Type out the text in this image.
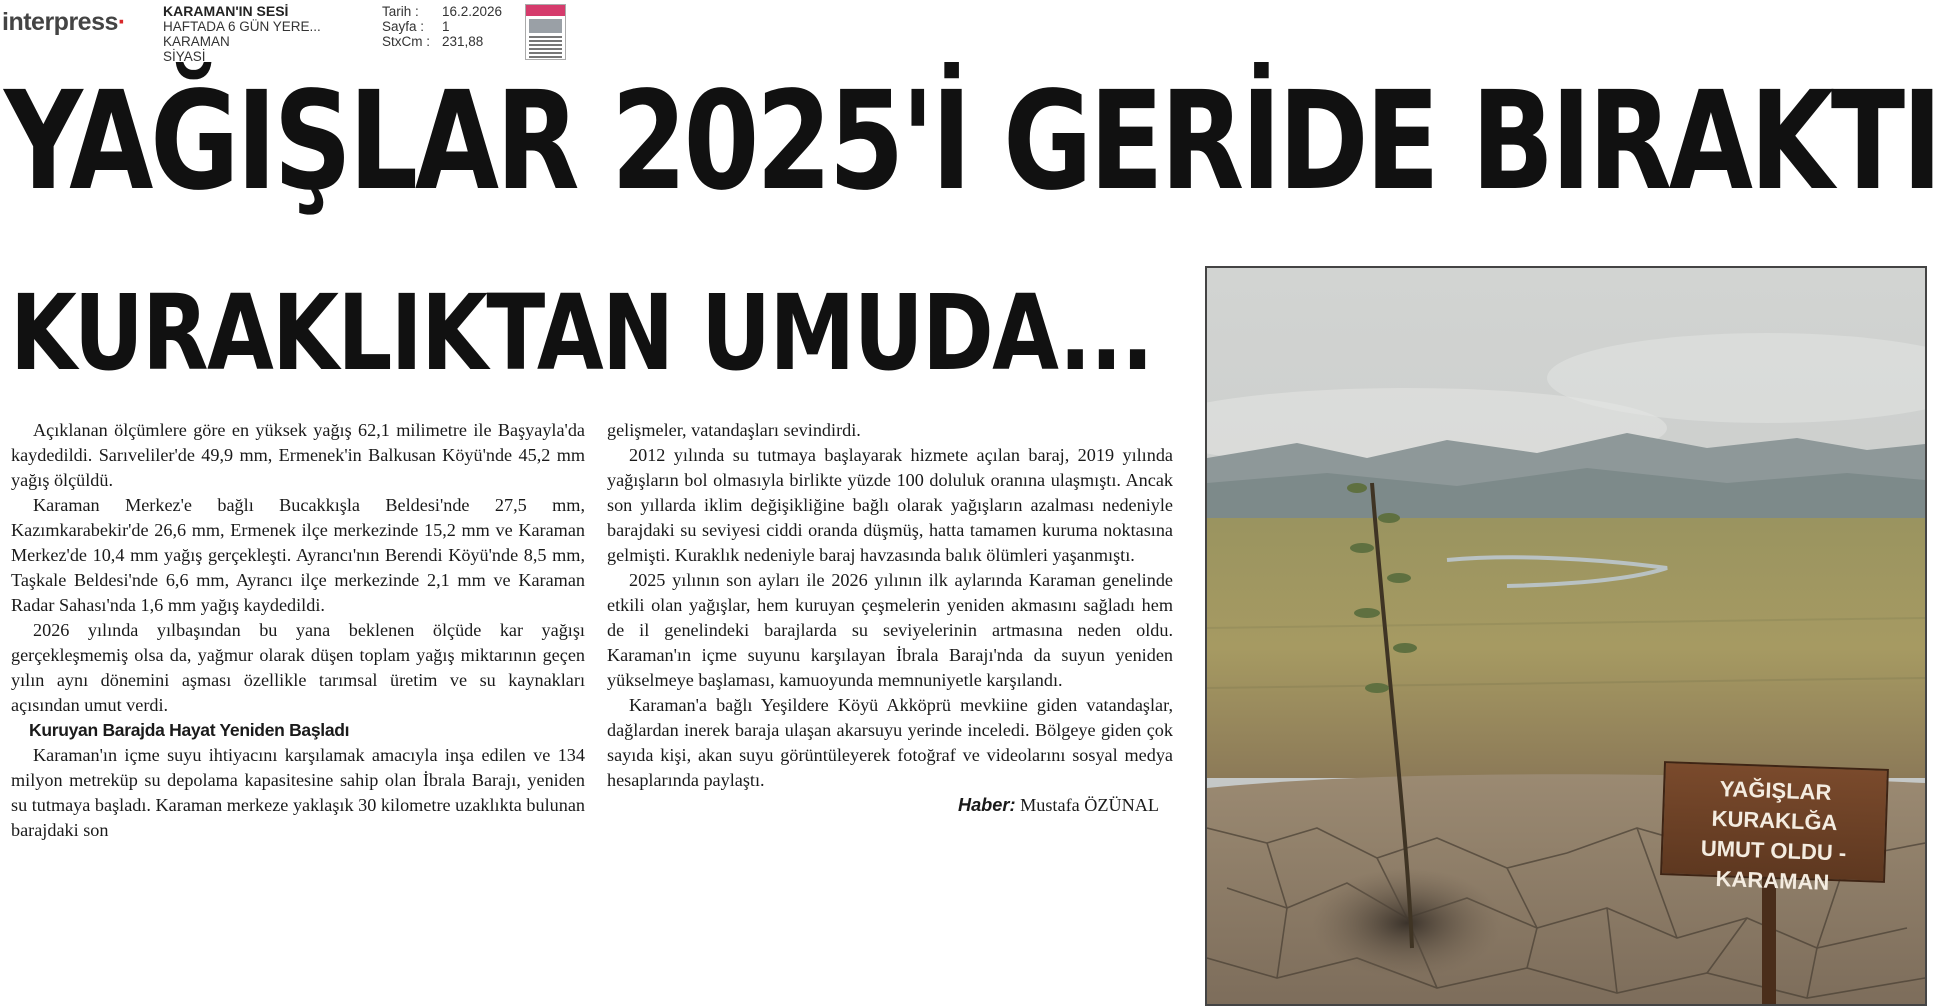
interpress·	KARAMAN'IN SESİ
HAFTADA 6 GÜN YERE...
KARAMAN
SİYASİ
Tarih :	16.2.2026
Sayfa :	1
StxCm : 231,88
YAĞIŞLAR 2025'İ GERİDE BIRAKTI
KURAKLIKTAN UMUDA...

Açıklanan ölçümlere göre en yüksek yağış 62,1 milimetre ile Başyayla'da kaydedildi. Sarıveliler'de 49,9 mm, Ermenek'in Balkusan Köyü'nde 45,2 mm yağış ölçüldü.

Karaman Merkez'e bağlı Bucakkışla Beldesi'nde 27,5 mm, Kazımkarabekir'de 26,6 mm, Ermenek ilçe merkezinde 15,2 mm ve Karaman Merkez'de 10,4 mm yağış gerçekleşti. Ayrancı'nın Berendi Köyü'nde 8,5 mm, Taşkale Beldesi'nde 6,6 mm, Ayrancı ilçe merkezinde 2,1 mm ve Karaman Radar Sahası'nda 1,6 mm yağış kaydedildi.

2026 yılında yılbaşından bu yana beklenen ölçüde kar yağışı gerçekleşmemiş olsa da, yağmur olarak düşen toplam yağış miktarının geçen yılın aynı dönemini aşması özellikle tarımsal üretim ve su kaynakları açısından umut verdi.

Kuruyan Barajda Hayat Yeniden Başladı

Karaman'ın içme suyu ihtiyacını karşılamak amacıyla inşa edilen ve 134 milyon metreküp su depolama kapasitesine sahip olan İbrala Barajı, yeniden su tutmaya başladı. Karaman merkeze yaklaşık 30 kilometre uzaklıkta bulunan barajdaki son

gelişmeler, vatandaşları sevindirdi.

2012 yılında su tutmaya başlayarak hizmete açılan baraj, 2019 yılında yağışların bol olmasıyla birlikte yüzde 100 doluluk oranına ulaşmıştı. Ancak son yıllarda iklim değişikliğine bağlı olarak yağışların azalması nedeniyle barajdaki su seviyesi ciddi oranda düşmüş, hatta tamamen kuruma noktasına gelmişti. Kuraklık nedeniyle baraj havzasında balık ölümleri yaşanmıştı.

2025 yılının son ayları ile 2026 yılının ilk aylarında Karaman genelinde etkili olan yağışlar, hem kuruyan çeşmelerin yeniden akmasını sağladı hem de il genelindeki barajlarda su seviyelerinin artmasına neden oldu. Karaman'ın içme suyunu karşılayan İbrala Barajı'nda da suyun yeniden yükselmeye başlaması, kamuoyunda memnuniyetle karşılandı.

Karaman'a bağlı Yeşildere Köyü Akköprü mevkiine giden vatandaşlar, dağlardan inerek baraja ulaşan akarsuyu yerinde inceledi. Bölgeye giden çok sayıda kişi, akan suyu görüntüleyerek fotoğraf ve videolarını sosyal medya hesaplarında paylaştı.

Haber: Mustafa ÖZÜNAL

YAĞIŞLAR KURAKLĞA
UMUT OLDU -
KARAMAN
